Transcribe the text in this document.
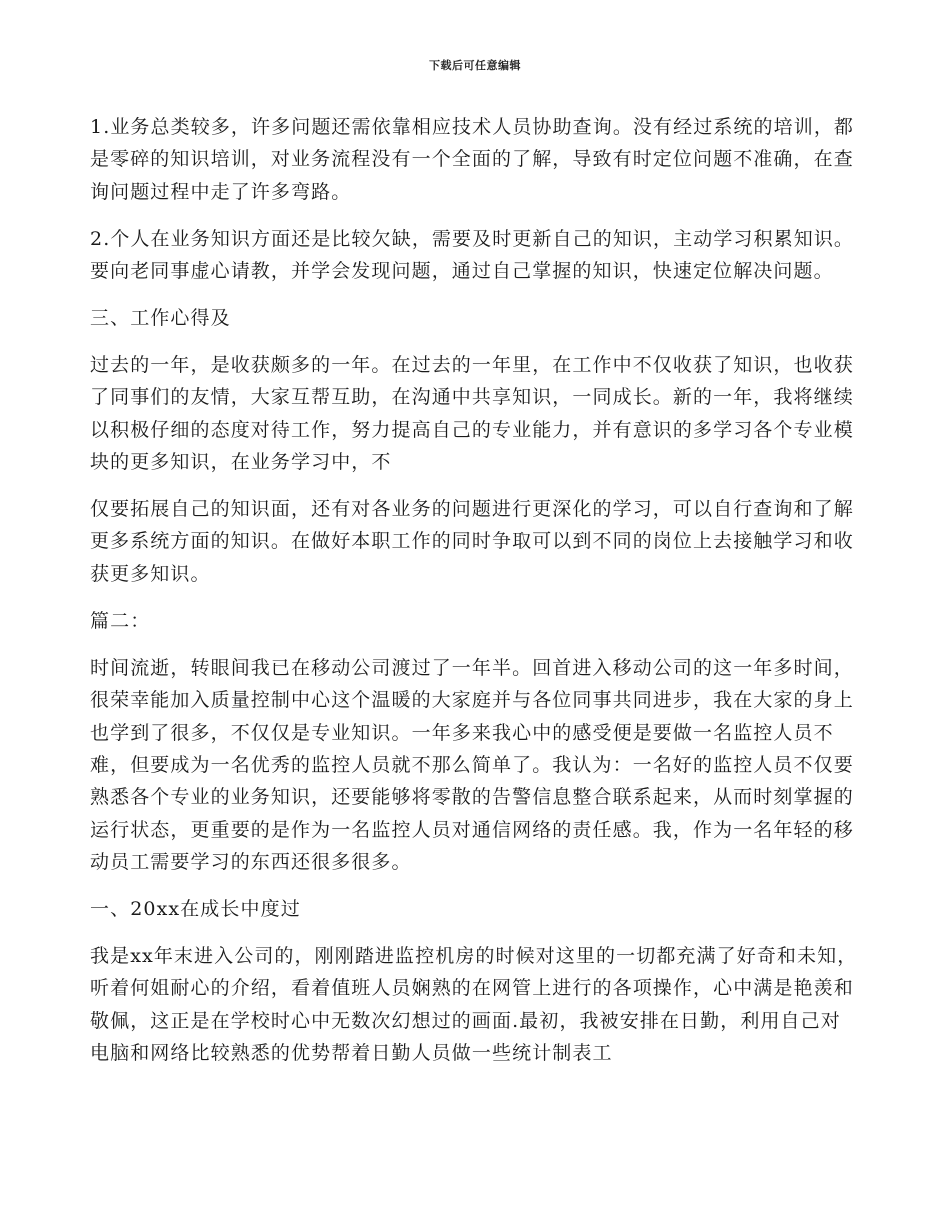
下载后可任意编辑

1.业务总类较多，许多问题还需依靠相应技术人员协助查询。没有经过系统的培训，都是零碎的知识培训，对业务流程没有一个全面的了解，导致有时定位问题不准确，在查询问题过程中走了许多弯路。

2.个人在业务知识方面还是比较欠缺，需要及时更新自己的知识，主动学习积累知识。要向老同事虚心请教，并学会发现问题，通过自己掌握的知识，快速定位解决问题。

三、工作心得及

过去的一年，是收获颇多的一年。在过去的一年里，在工作中不仅收获了知识，也收获了同事们的友情，大家互帮互助，在沟通中共享知识，一同成长。新的一年，我将继续以积极仔细的态度对待工作，努力提高自己的专业能力，并有意识的多学习各个专业模块的更多知识，在业务学习中，不

仅要拓展自己的知识面，还有对各业务的问题进行更深化的学习，可以自行查询和了解更多系统方面的知识。在做好本职工作的同时争取可以到不同的岗位上去接触学习和收获更多知识。

篇二：

时间流逝，转眼间我已在移动公司渡过了一年半。回首进入移动公司的这一年多时间，很荣幸能加入质量控制中心这个温暖的大家庭并与各位同事共同进步，我在大家的身上也学到了很多，不仅仅是专业知识。一年多来我心中的感受便是要做一名监控人员不难，但要成为一名优秀的监控人员就不那么简单了。我认为：一名好的监控人员不仅要熟悉各个专业的业务知识，还要能够将零散的告警信息整合联系起来，从而时刻掌握的运行状态，更重要的是作为一名监控人员对通信网络的责任感。我，作为一名年轻的移动员工需要学习的东西还很多很多。

一、20xx在成长中度过

我是xx年末进入公司的，刚刚踏进监控机房的时候对这里的一切都充满了好奇和未知，听着何姐耐心的介绍，看着值班人员娴熟的在网管上进行的各项操作，心中满是艳羡和敬佩，这正是在学校时心中无数次幻想过的画面.最初，我被安排在日勤，利用自己对电脑和网络比较熟悉的优势帮着日勤人员做一些统计制表工
